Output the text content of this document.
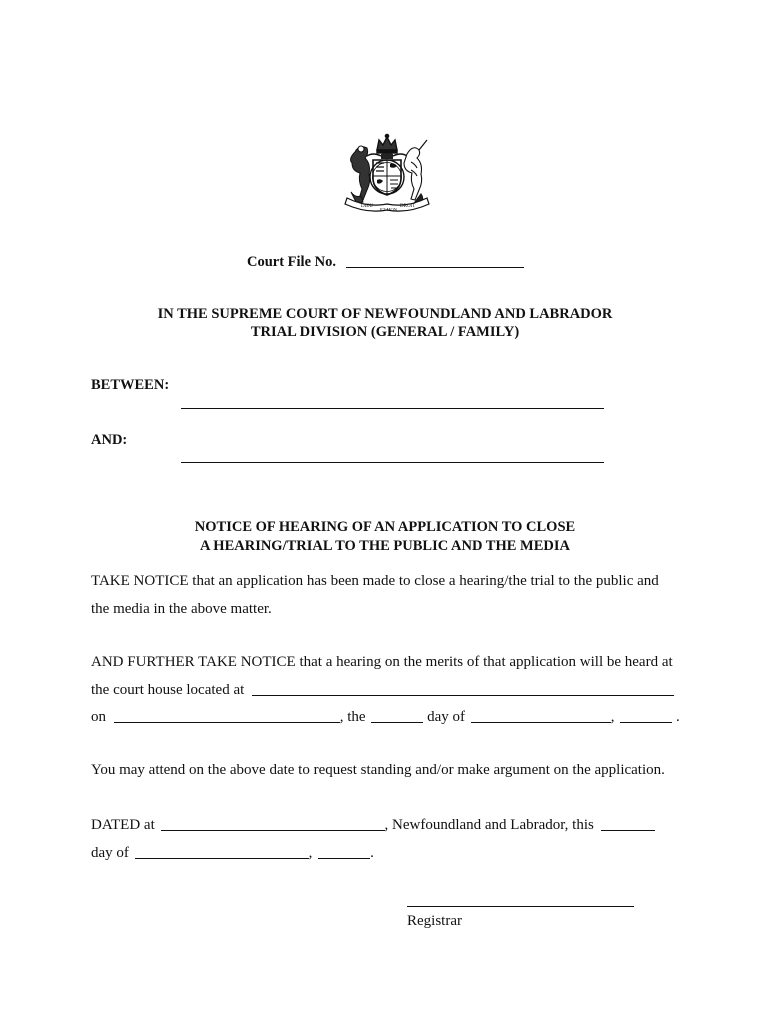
DIEU
ET MON
DROIT
Court File No.
IN THE SUPREME COURT OF NEWFOUNDLAND AND LABRADOR
TRIAL DIVISION (GENERAL / FAMILY)
BETWEEN:
AND:
NOTICE OF HEARING OF AN APPLICATION TO CLOSE
A HEARING/TRIAL TO THE PUBLIC AND THE MEDIA
TAKE NOTICE that an application has been made to close a hearing/the trial to the public and
the media in the above matter.
AND FURTHER TAKE NOTICE that a hearing on the merits of that application will be heard at
the court house located at
on	, the	day of	,	.
You may attend on the above date to request standing and/or make argument on the application.
DATED at	, Newfoundland and Labrador, this
day of	,	.
Registrar
